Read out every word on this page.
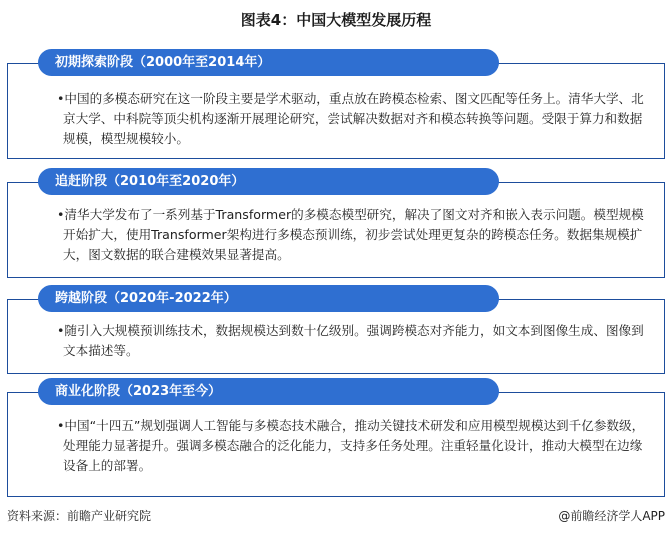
图表4：中国大模型发展历程
初期探索阶段（2000年至2014年）
•中国的多模态研究在这一阶段主要是学术驱动，重点放在跨模态检索、图文匹配等任务上。清华大学、北京大学、中科院等顶尖机构逐渐开展理论研究，尝试解决数据对齐和模态转换等问题。受限于算力和数据规模，模型规模较小。
追赶阶段（2010年至2020年）
•清华大学发布了一系列基于Transformer的多模态模型研究，解决了图文对齐和嵌入表示问题。模型规模开始扩大，使用Transformer架构进行多模态预训练，初步尝试处理更复杂的跨模态任务。数据集规模扩大，图文数据的联合建模效果显著提高。
跨越阶段（2020年-2022年）
•随引入大规模预训练技术，数据规模达到数十亿级别。强调跨模态对齐能力，如文本到图像生成、图像到文本描述等。
商业化阶段（2023年至今）
•中国“十四五”规划强调人工智能与多模态技术融合，推动关键技术研发和应用模型规模达到千亿参数级，处理能力显著提升。强调多模态融合的泛化能力，支持多任务处理。注重轻量化设计，推动大模型在边缘设备上的部署。
资料来源：前瞻产业研究院	@前瞻经济学人APP
